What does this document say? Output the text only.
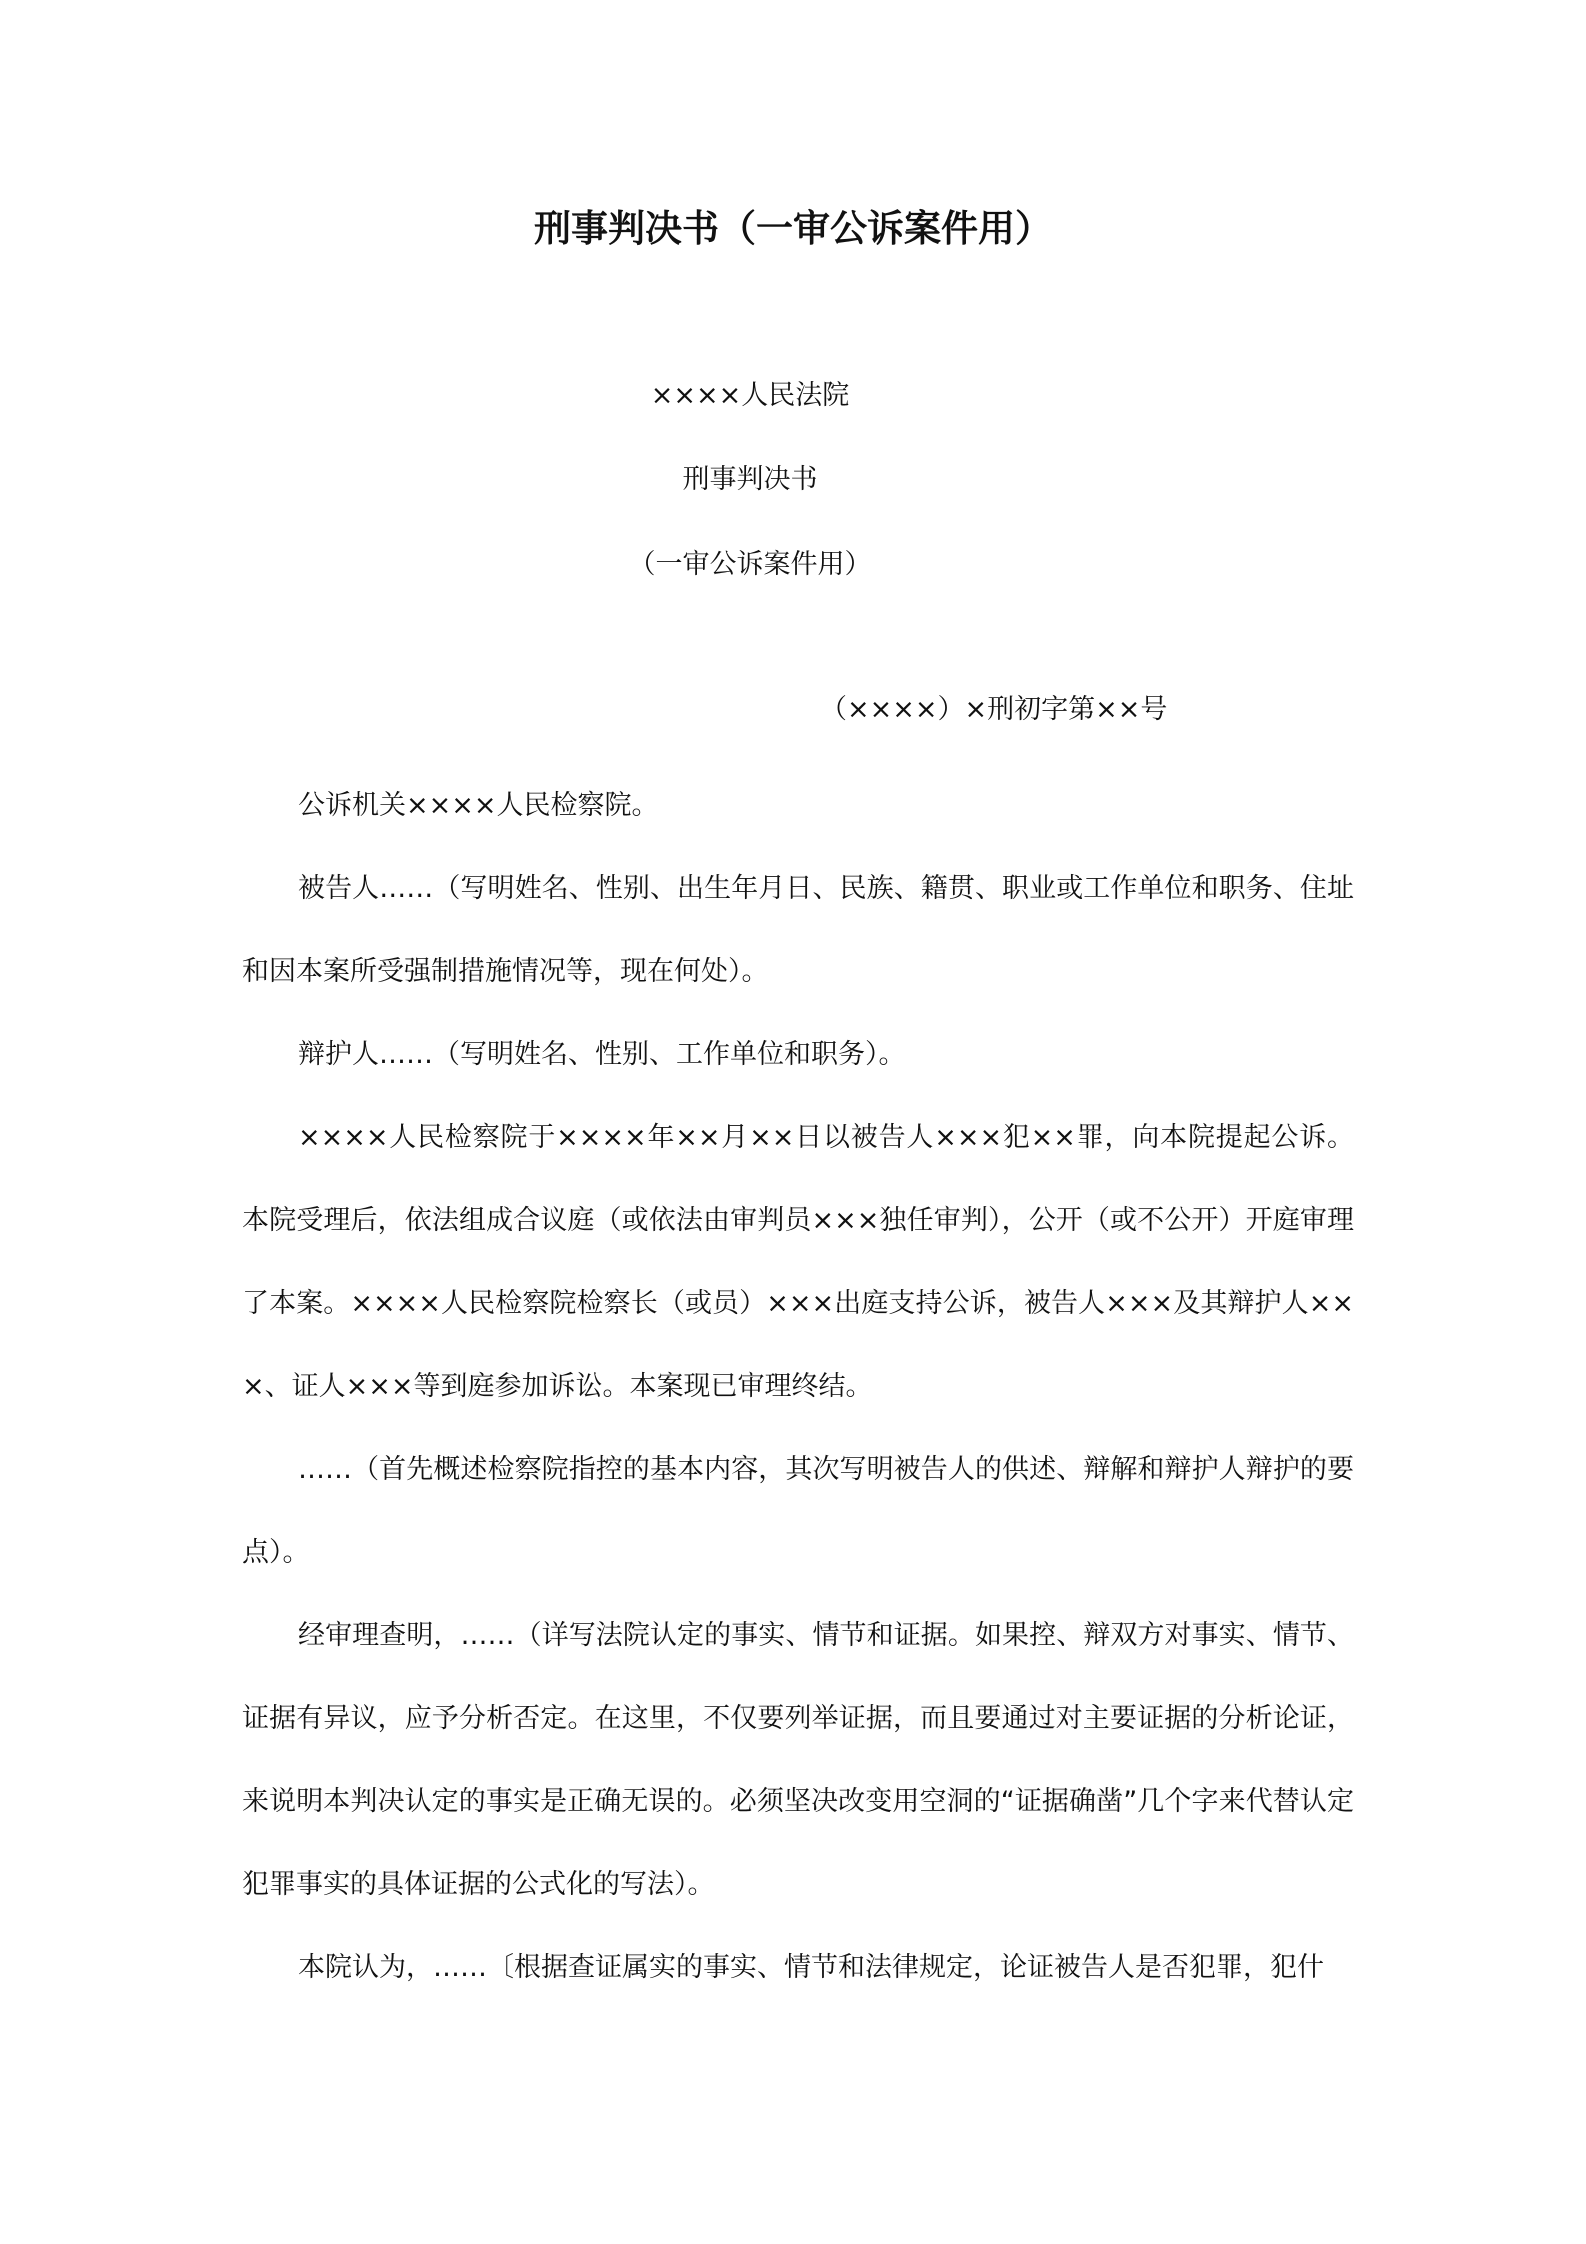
刑事判决书（一审公诉案件用）
××××人民法院
刑事判决书
（一审公诉案件用）
（××××）×刑初字第××号

公诉机关××××人民检察院。

被告人……（写明姓名、性别、出生年月日、民族、籍贯、职业或工作单位和职务、住址和因本案所受强制措施情况等，现在何处）。

辩护人……（写明姓名、性别、工作单位和职务）。

××××人民检察院于××××年××月××日以被告人×××犯××罪，向本院提起公诉。本院受理后，依法组成合议庭（或依法由审判员×××独任审判），公开（或不公开）开庭审理了本案。××××人民检察院检察长（或员）×××出庭支持公诉，被告人×××及其辩护人×××、证人×××等到庭参加诉讼。本案现已审理终结。

……（首先概述检察院指控的基本内容，其次写明被告人的供述、辩解和辩护人辩护的要点）。

经审理查明，……（详写法院认定的事实、情节和证据。如果控、辩双方对事实、情节、证据有异议，应予分析否定。在这里，不仅要列举证据，而且要通过对主要证据的分析论证，来说明本判决认定的事实是正确无误的。必须坚决改变用空洞的“证据确凿”几个字来代替认定犯罪事实的具体证据的公式化的写法）。

本院认为，……〔根据查证属实的事实、情节和法律规定，论证被告人是否犯罪，犯什
